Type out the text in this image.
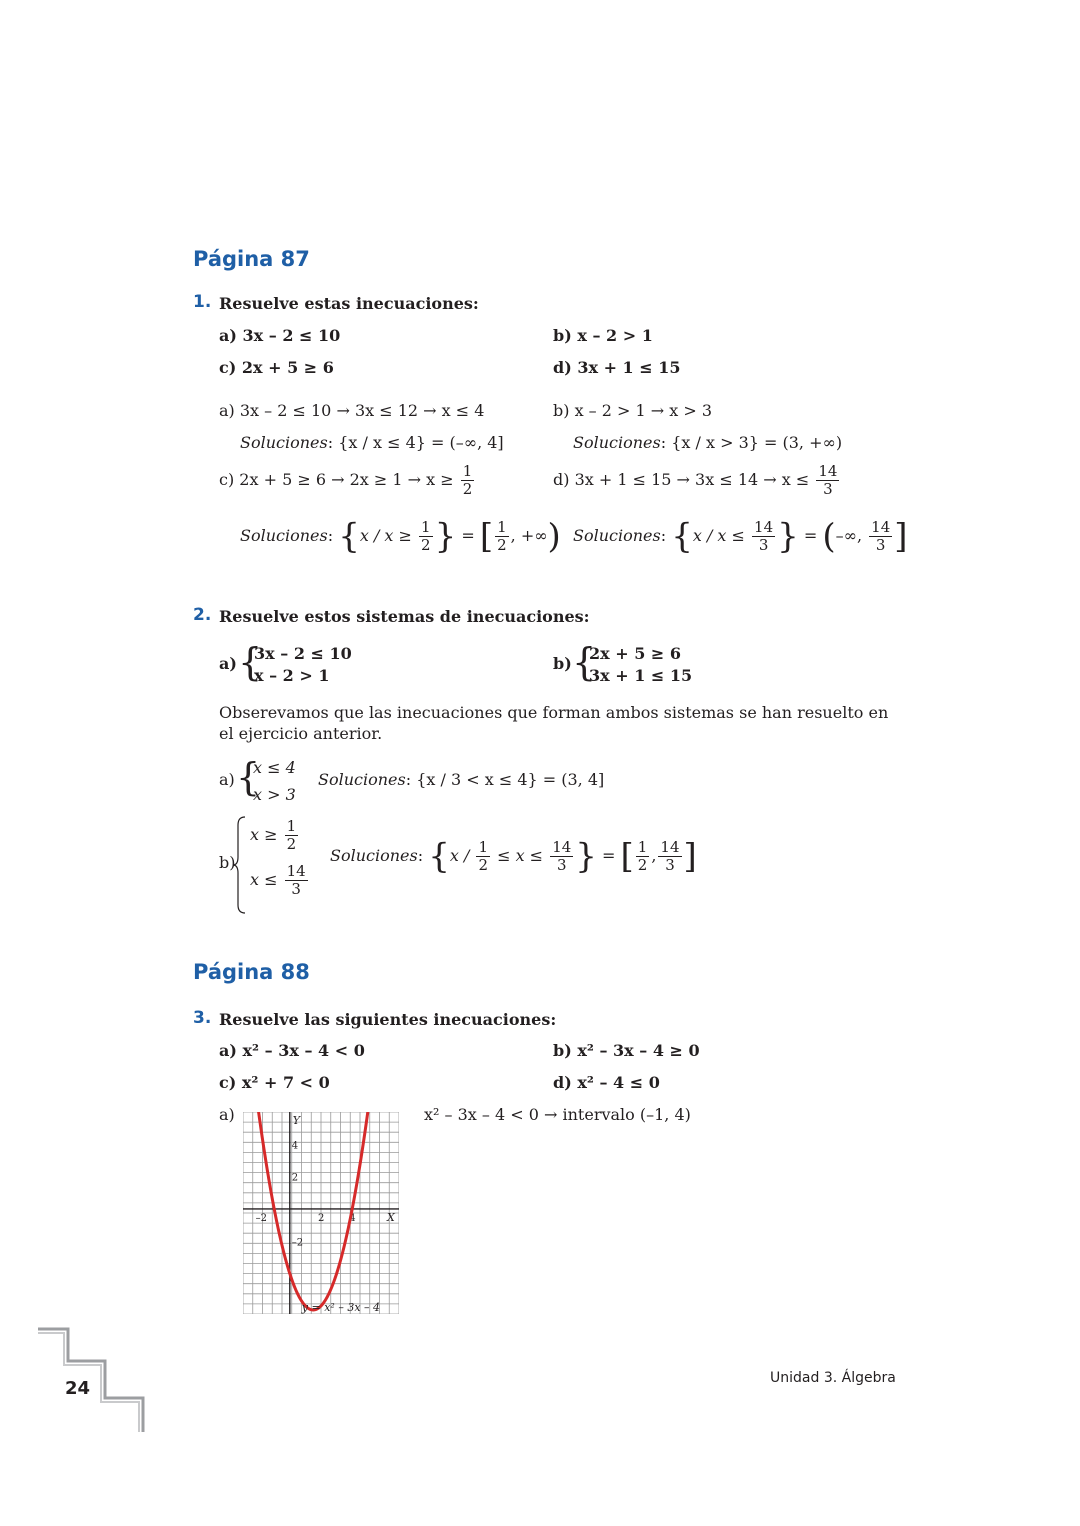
Página 87
1. Resuelve estas inecuaciones:
a) 3x – 2 ≤ 10	b) x – 2 > 1
c) 2x + 5 ≥ 6	d) 3x + 1 ≤ 15
a) 3x – 2 ≤ 10 → 3x ≤ 12 → x ≤ 4	b) x – 2 > 1 → x > 3
Soluciones: {x / x ≤ 4} = (–∞, 4]	Soluciones: {x / x > 3} = (3, +∞)
c) $2x + 5 \ge 6 \to 2x \ge 1 \to x \ge \frac{1}{2}$	d) $3x + 1 \le 15 \to 3x \le 14 \to x \le \frac{14}{3}$
Soluciones: {$x / x \ge \frac{1}{2}$ } = [ $\frac{1}{2}$ , +∞) Soluciones: {$x / x \le \frac{14}{3}$ } = (–∞, $\frac{14}{3}$ ]
2. Resuelve estos sistemas de inecuaciones:
a) {
3x – 2 ≤ 10
x – 2 > 1
b) {
2x + 5 ≥ 6
3x + 1 ≤ 15
Obserevamos que las inecuaciones que forman ambos sistemas se han resuelto en el ejercicio anterior.
a) {
x ≤ 4
x > 3
Soluciones: {x / 3 < x ≤ 4} = (3, 4]
b)
$x \ge \frac{1}{2}$
$x \le \frac{14}{3}$
Soluciones: {$x / \frac{1}{2} \le x \le \frac{14}{3}$ } = [ $\frac{1}{2}$ , $\frac{14}{3}$ ]
Página 88
3. Resuelve las siguientes inecuaciones:
a) x² – 3x – 4 < 0	b) x² – 3x – 4 ≥ 0
c) x² + 7 < 0	d) x² – 4 ≤ 0
a)	x² – 3x – 4 < 0 → intervalo (–1, 4)
X
Y
–2	2 4
4
2
–2
y = x² – 3x – 4
24	Unidad 3. Álgebra
